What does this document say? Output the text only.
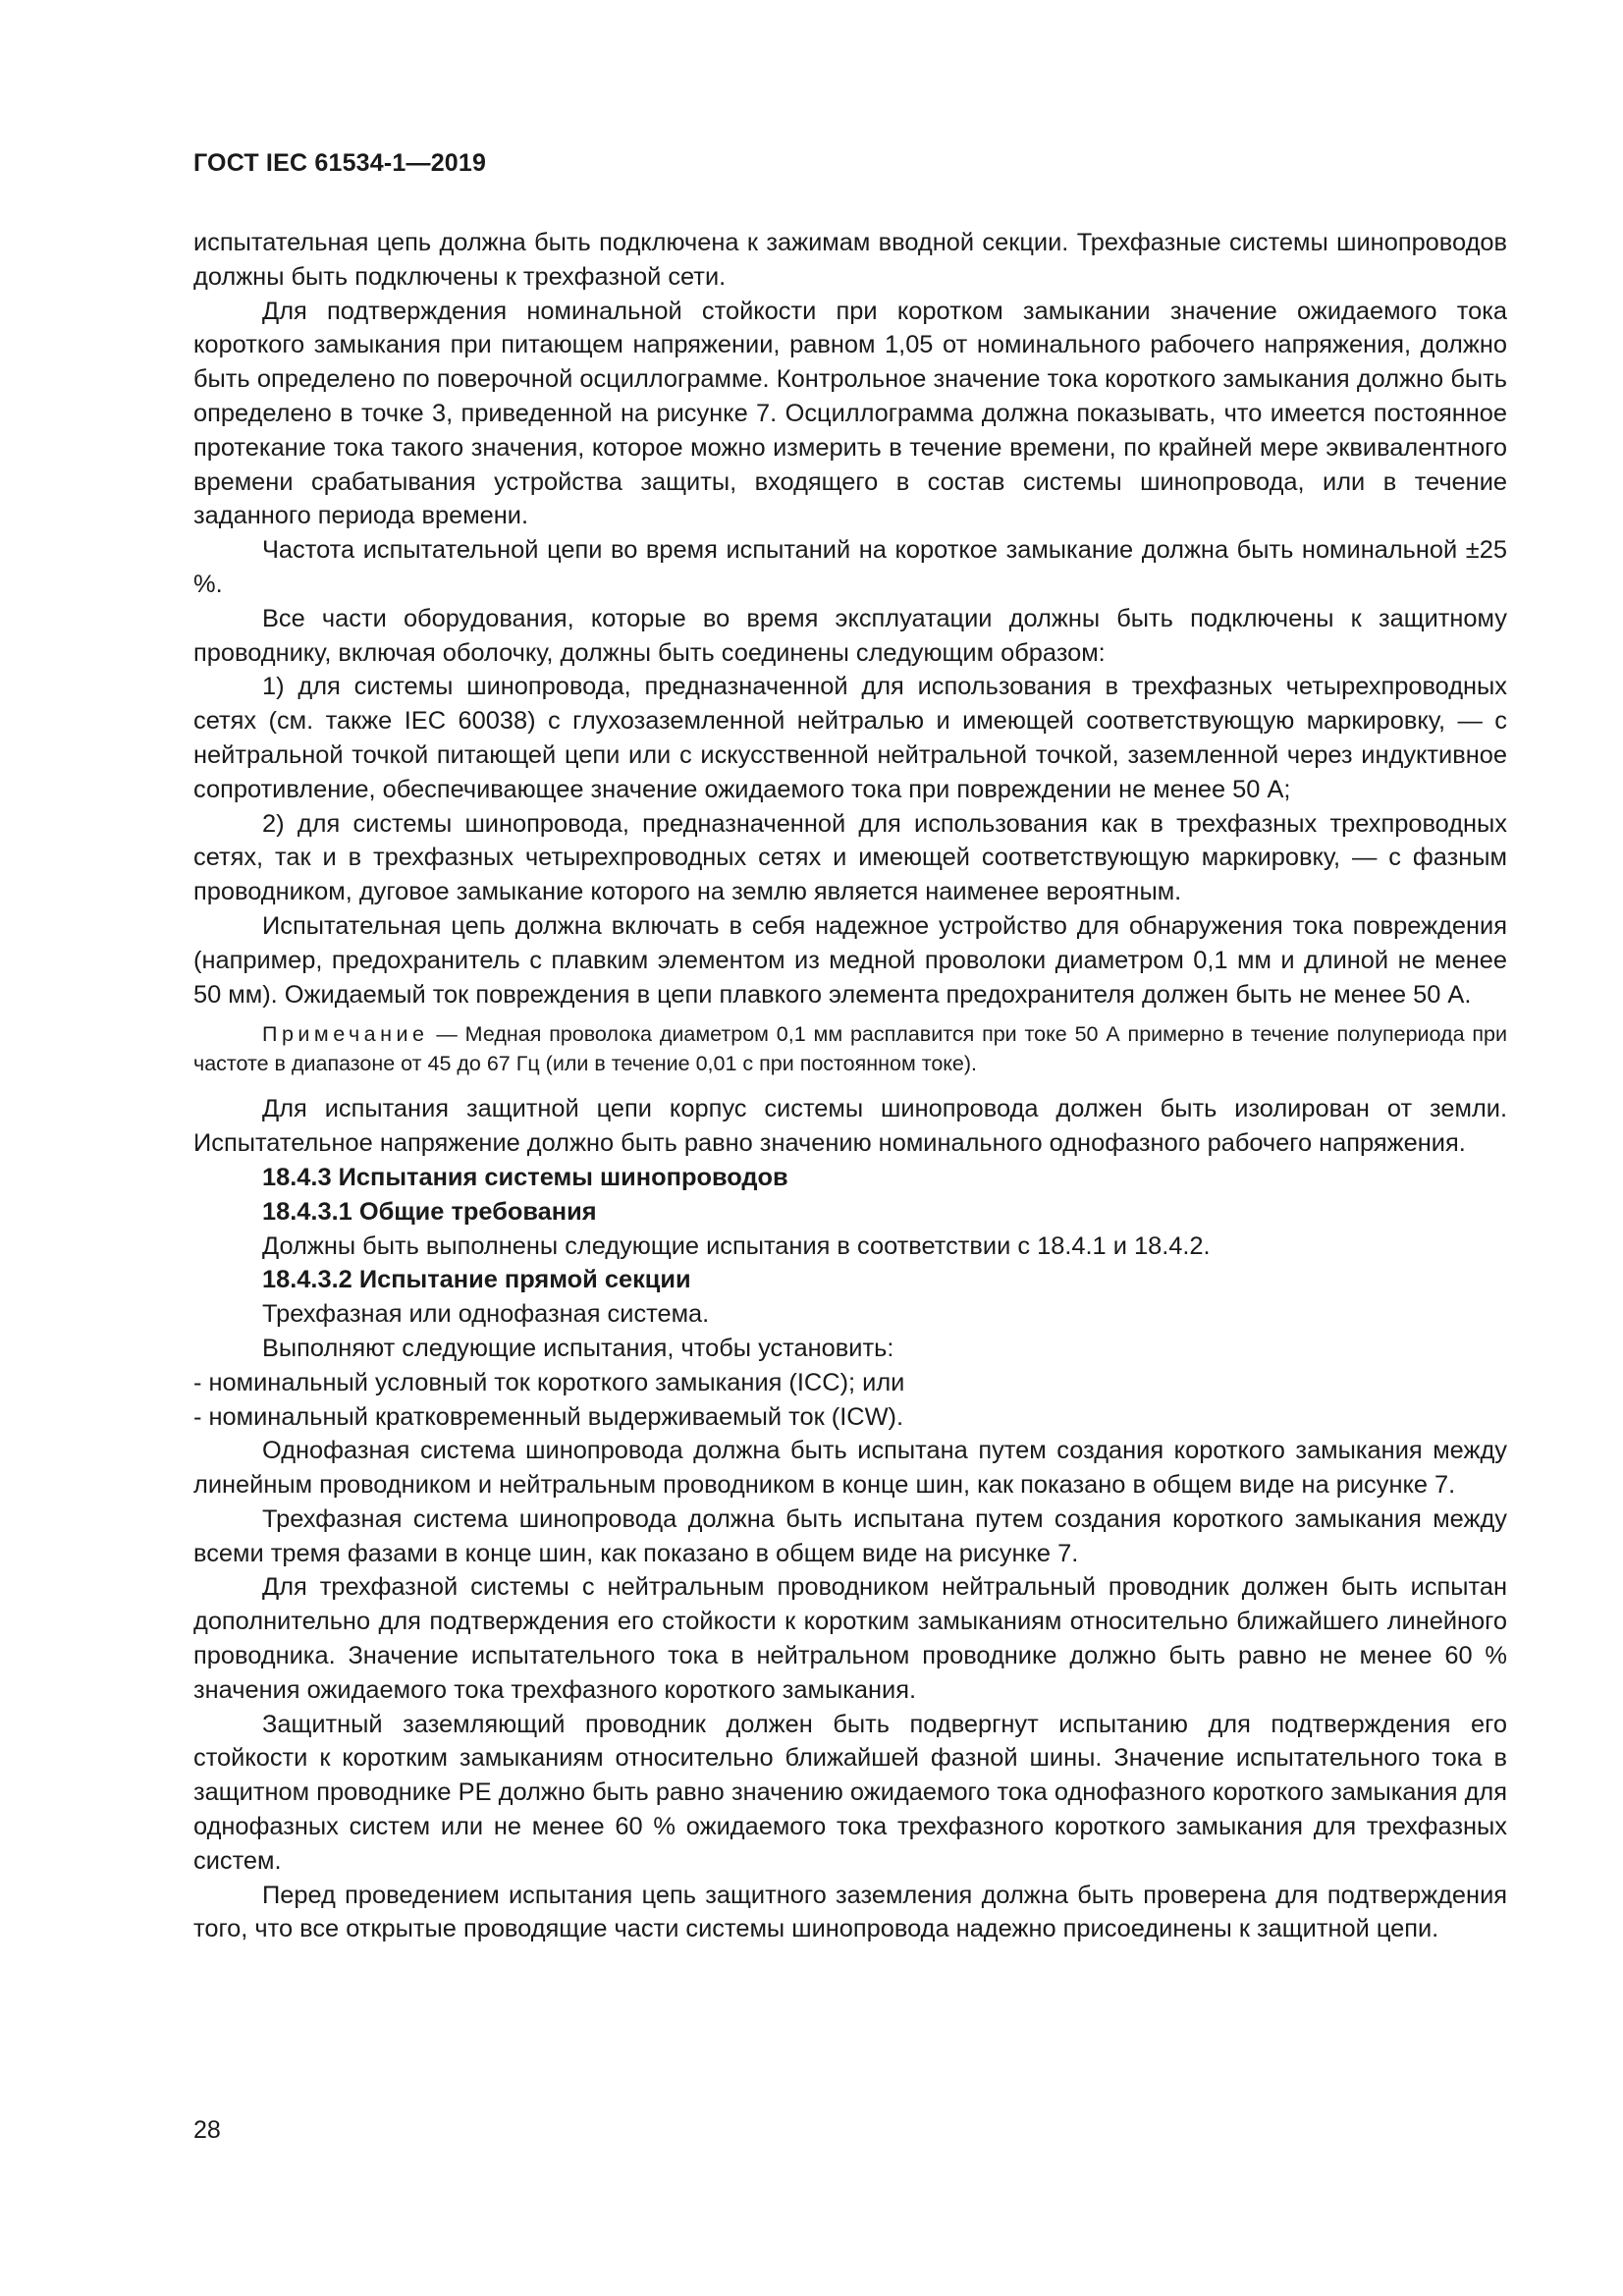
ГОСТ IEC 61534-1—2019

испытательная цепь должна быть подключена к зажимам вводной секции. Трехфазные системы шинопроводов должны быть подключены к трехфазной сети.

Для подтверждения номинальной стойкости при коротком замыкании значение ожидаемого тока короткого замыкания при питающем напряжении, равном 1,05 от номинального рабочего напряжения, должно быть определено по поверочной осциллограмме. Контрольное значение тока короткого замыкания должно быть определено в точке 3, приведенной на рисунке 7. Осциллограмма должна показывать, что имеется постоянное протекание тока такого значения, которое можно измерить в течение времени, по крайней мере эквивалентного времени срабатывания устройства защиты, входящего в состав системы шинопровода, или в течение заданного периода времени.

Частота испытательной цепи во время испытаний на короткое замыкание должна быть номинальной ±25 %.

Все части оборудования, которые во время эксплуатации должны быть подключены к защитному проводнику, включая оболочку, должны быть соединены следующим образом:

1) для системы шинопровода, предназначенной для использования в трехфазных четырехпроводных сетях (см. также IEC 60038) с глухозаземленной нейтралью и имеющей соответствующую маркировку, — с нейтральной точкой питающей цепи или с искусственной нейтральной точкой, заземленной через индуктивное сопротивление, обеспечивающее значение ожидаемого тока при повреждении не менее 50 А;

2) для системы шинопровода, предназначенной для использования как в трехфазных трехпроводных сетях, так и в трехфазных четырехпроводных сетях и имеющей соответствующую маркировку, — с фазным проводником, дуговое замыкание которого на землю является наименее вероятным.

Испытательная цепь должна включать в себя надежное устройство для обнаружения тока повреждения (например, предохранитель с плавким элементом из медной проволоки диаметром 0,1 мм и длиной не менее 50 мм). Ожидаемый ток повреждения в цепи плавкого элемента предохранителя должен быть не менее 50 А.

Примечание — Медная проволока диаметром 0,1 мм расплавится при токе 50 А примерно в течение полупериода при частоте в диапазоне от 45 до 67 Гц (или в течение 0,01 с при постоянном токе).

Для испытания защитной цепи корпус системы шинопровода должен быть изолирован от земли. Испытательное напряжение должно быть равно значению номинального однофазного рабочего напряжения.

18.4.3 Испытания системы шинопроводов

18.4.3.1 Общие требования

Должны быть выполнены следующие испытания в соответствии с 18.4.1 и 18.4.2.

18.4.3.2 Испытание прямой секции

Трехфазная или однофазная система.

Выполняют следующие испытания, чтобы установить:

- номинальный условный ток короткого замыкания (ICC); или

- номинальный кратковременный выдерживаемый ток (ICW).

Однофазная система шинопровода должна быть испытана путем создания короткого замыкания между линейным проводником и нейтральным проводником в конце шин, как показано в общем виде на рисунке 7.

Трехфазная система шинопровода должна быть испытана путем создания короткого замыкания между всеми тремя фазами в конце шин, как показано в общем виде на рисунке 7.

Для трехфазной системы с нейтральным проводником нейтральный проводник должен быть испытан дополнительно для подтверждения его стойкости к коротким замыканиям относительно ближайшего линейного проводника. Значение испытательного тока в нейтральном проводнике должно быть равно не менее 60 % значения ожидаемого тока трехфазного короткого замыкания.

Защитный заземляющий проводник должен быть подвергнут испытанию для подтверждения его стойкости к коротким замыканиям относительно ближайшей фазной шины. Значение испытательного тока в защитном проводнике РЕ должно быть равно значению ожидаемого тока однофазного короткого замыкания для однофазных систем или не менее 60 % ожидаемого тока трехфазного короткого замыкания для трехфазных систем.

Перед проведением испытания цепь защитного заземления должна быть проверена для подтверждения того, что все открытые проводящие части системы шинопровода надежно присоединены к защитной цепи.

28
